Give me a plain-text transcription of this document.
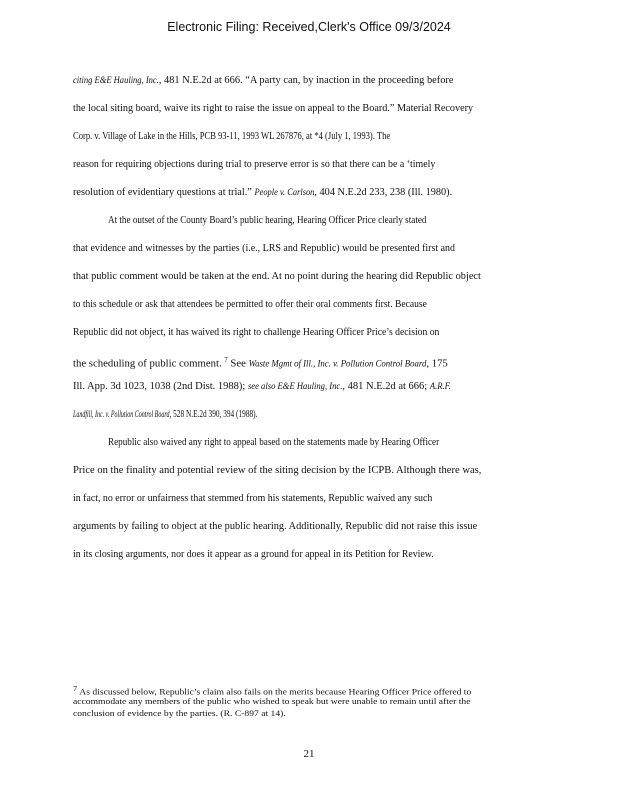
Electronic Filing: Received,Clerk's Office 09/3/2024
citing E&E Hauling, Inc., 481 N.E.2d at 666. “A party can, by inaction in the proceeding before
the local siting board, waive its right to raise the issue on appeal to the Board.” Material Recovery
Corp. v. Village of Lake in the Hills, PCB 93-11, 1993 WL 267876, at *4 (July 1, 1993). The
reason for requiring objections during trial to preserve error is so that there can be a ‘timely
resolution of evidentiary questions at trial.” People v. Carlson, 404 N.E.2d 233, 238 (Ill. 1980).
At the outset of the County Board’s public hearing, Hearing Officer Price clearly stated
that evidence and witnesses by the parties (i.e., LRS and Republic) would be presented first and
that public comment would be taken at the end. At no point during the hearing did Republic object
to this schedule or ask that attendees be permitted to offer their oral comments first. Because
Republic did not object, it has waived its right to challenge Hearing Officer Price’s decision on
the scheduling of public comment. $^7$ See Waste Mgmt of Ill., Inc. v. Pollution Control Board, 175
Ill. App. 3d 1023, 1038 (2nd Dist. 1988); see also E&E Hauling, Inc., 481 N.E.2d at 666; A.R.F.
Landfill, Inc. v. Pollution Control Board, 528 N.E.2d 390, 394 (1988).
Republic also waived any right to appeal based on the statements made by Hearing Officer
Price on the finality and potential review of the siting decision by the ICPB. Although there was,
in fact, no error or unfairness that stemmed from his statements, Republic waived any such
arguments by failing to object at the public hearing. Additionally, Republic did not raise this issue
in its closing arguments, nor does it appear as a ground for appeal in its Petition for Review.
7 As discussed below, Republic’s claim also fails on the merits because Hearing Officer Price offered to
accommodate any members of the public who wished to speak but were unable to remain until after the
conclusion of evidence by the parties. (R. C-897 at 14).
21
